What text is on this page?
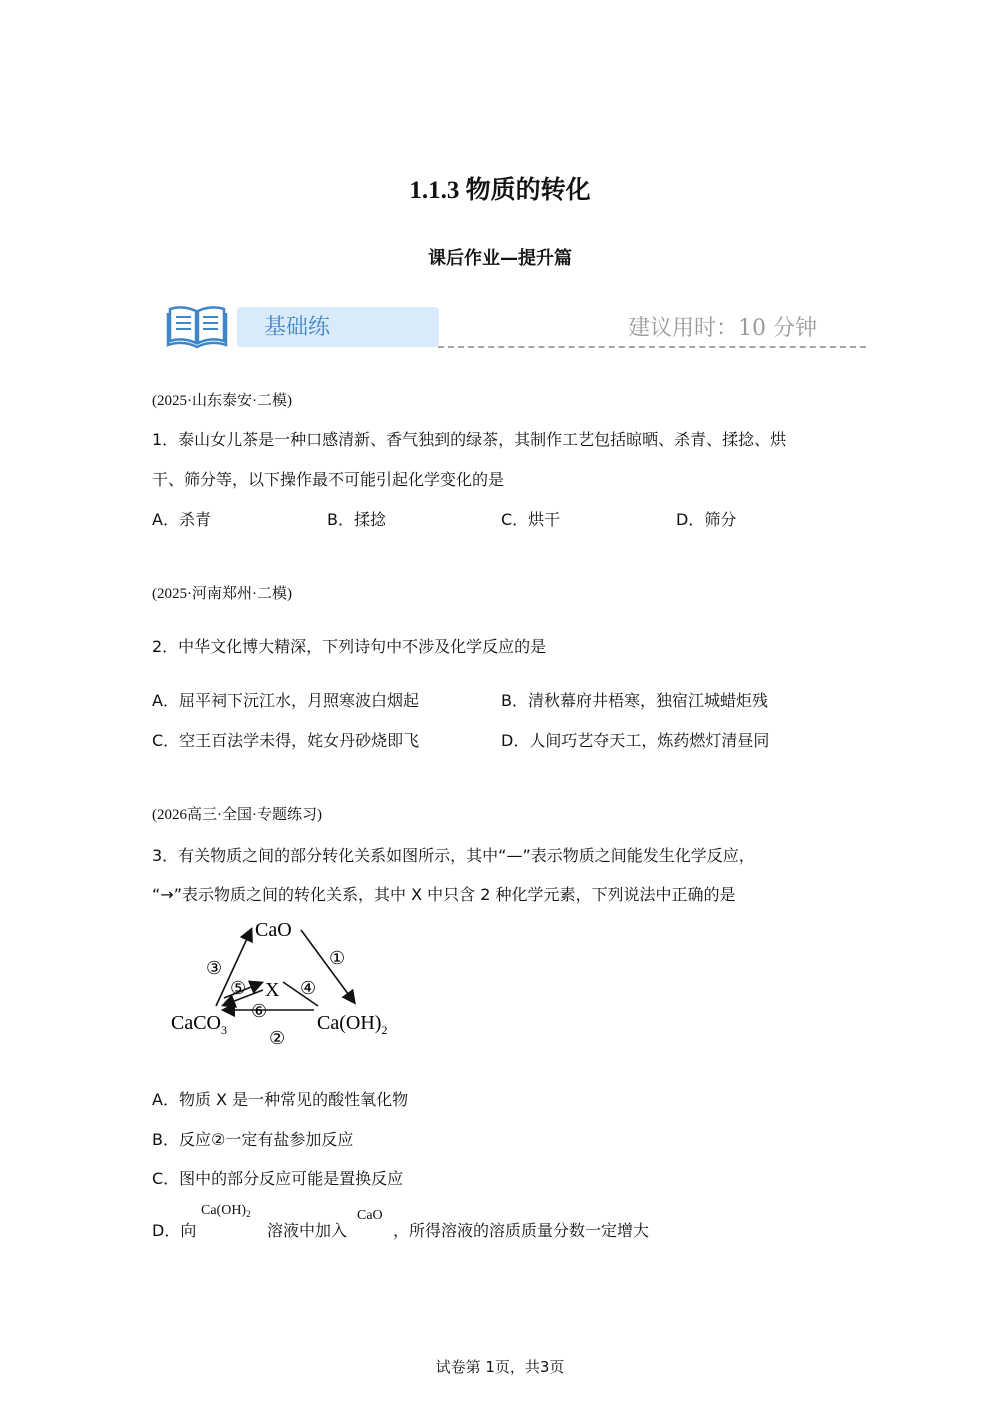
1.1.3 物质的转化
课后作业—提升篇
基础练	建议用时：10 分钟
(2025·山东泰安·二模)
1．泰山女儿茶是一种口感清新、香气独到的绿茶，其制作工艺包括晾晒、杀青、揉捻、烘
干、筛分等，以下操作最不可能引起化学变化的是
A．杀青	B．揉捻	C．烘干	D．筛分
(2025·河南郑州·二模)
2．中华文化博大精深，下列诗句中不涉及化学反应的是
A．屈平祠下沅江水，月照寒波白烟起	B．清秋幕府井梧寒，独宿江城蜡炬残
C．空王百法学未得，姹女丹砂烧即飞	D．人间巧艺夺天工，炼药燃灯清昼同
(2026高三·全国·专题练习)
3．有关物质之间的部分转化关系如图所示，其中“—”表示物质之间能发生化学反应，
“→”表示物质之间的转化关系，其中 X 中只含 2 种化学元素，下列说法中正确的是
CaO
X
CaCO$_3$	$Ca(OH)_2$
①
②
③
④
⑤
⑥
A．物质 X 是一种常见的酸性氧化物
B．反应②一定有盐参加反应
C．图中的部分反应可能是置换反应
D．向
$Ca(OH)_2$
溶液中加入
CaO
，所得溶液的溶质质量分数一定增大
试卷第 1页，共3页
